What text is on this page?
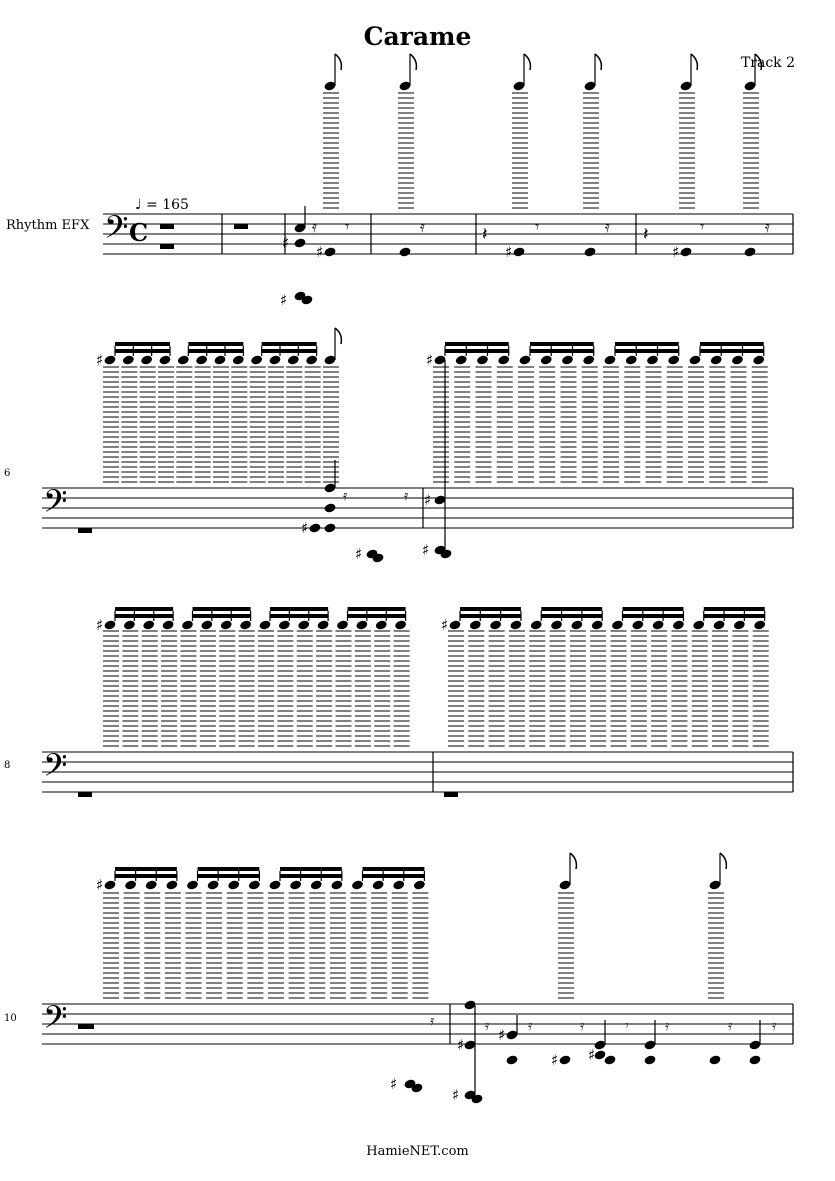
Carame
Track 2
♩ = 165
Rhythm EFX
6
8
10
HamieNET.com
𝄢 C	♯
♯
𝄿
♯
𝄾	𝄿	𝄽
♯
𝄾	𝄿 𝄽
♯
𝄾	𝄿
𝄢
♯
♯
𝄿
♯
𝄿
♯
♯
♯
𝄢
♯	♯
𝄢
♯
♯
𝄿
♯
♯
𝄿 ♯ 𝄿
♯
𝄿
♯
𝄾	𝄿	𝄿	𝄿
